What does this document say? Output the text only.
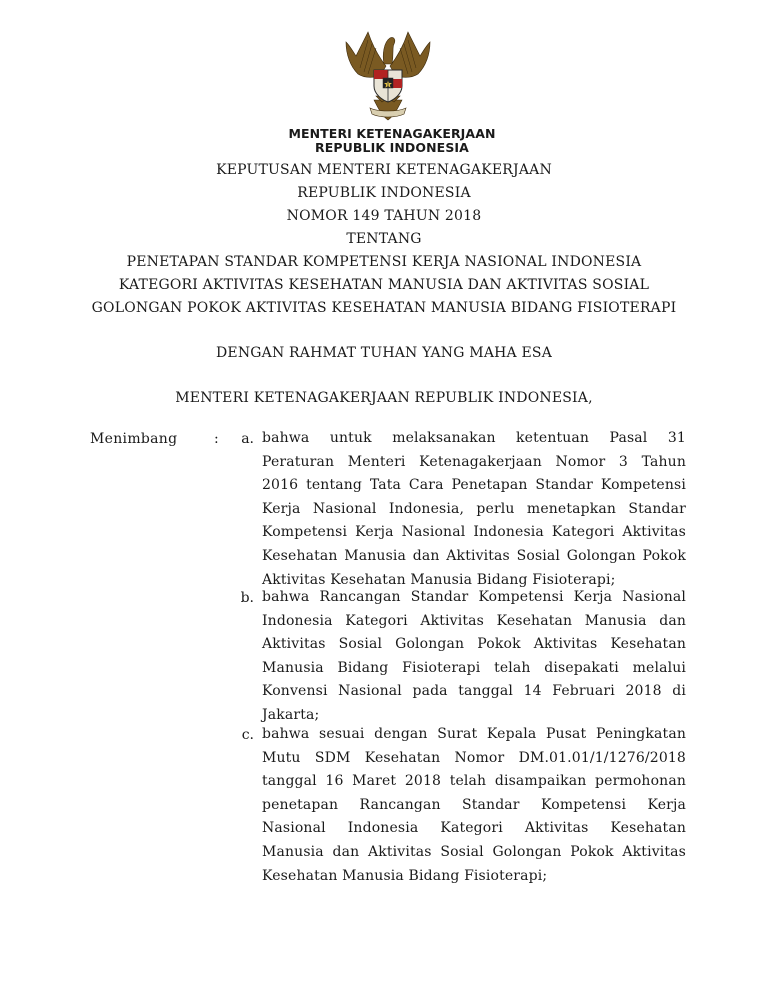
MENTERI KETENAGAKERJAAN
REPUBLIK INDONESIA
KEPUTUSAN MENTERI KETENAGAKERJAAN
REPUBLIK INDONESIA
NOMOR 149 TAHUN 2018
TENTANG
PENETAPAN STANDAR KOMPETENSI KERJA NASIONAL INDONESIA
KATEGORI AKTIVITAS KESEHATAN MANUSIA DAN AKTIVITAS SOSIAL
GOLONGAN POKOK AKTIVITAS KESEHATAN MANUSIA BIDANG FISIOTERAPI
DENGAN RAHMAT TUHAN YANG MAHA ESA
MENTERI KETENAGAKERJAAN REPUBLIK INDONESIA,
Menimbang	:	a. bahwa untuk melaksanakan ketentuan Pasal 31
Peraturan Menteri Ketenagakerjaan Nomor 3 Tahun
2016 tentang Tata Cara Penetapan Standar Kompetensi
Kerja Nasional Indonesia, perlu menetapkan Standar
Kompetensi Kerja Nasional Indonesia Kategori Aktivitas
Kesehatan Manusia dan Aktivitas Sosial Golongan Pokok
Aktivitas Kesehatan Manusia Bidang Fisioterapi;
b. bahwa Rancangan Standar Kompetensi Kerja Nasional
Indonesia Kategori Aktivitas Kesehatan Manusia dan
Aktivitas Sosial Golongan Pokok Aktivitas Kesehatan
Manusia Bidang Fisioterapi telah disepakati melalui
Konvensi Nasional pada tanggal 14 Februari 2018 di
Jakarta;
c. bahwa sesuai dengan Surat Kepala Pusat Peningkatan
Mutu SDM Kesehatan Nomor DM.01.01/1/1276/2018
tanggal 16 Maret 2018 telah disampaikan permohonan
penetapan Rancangan Standar Kompetensi Kerja
Nasional Indonesia Kategori Aktivitas Kesehatan
Manusia dan Aktivitas Sosial Golongan Pokok Aktivitas
Kesehatan Manusia Bidang Fisioterapi;
